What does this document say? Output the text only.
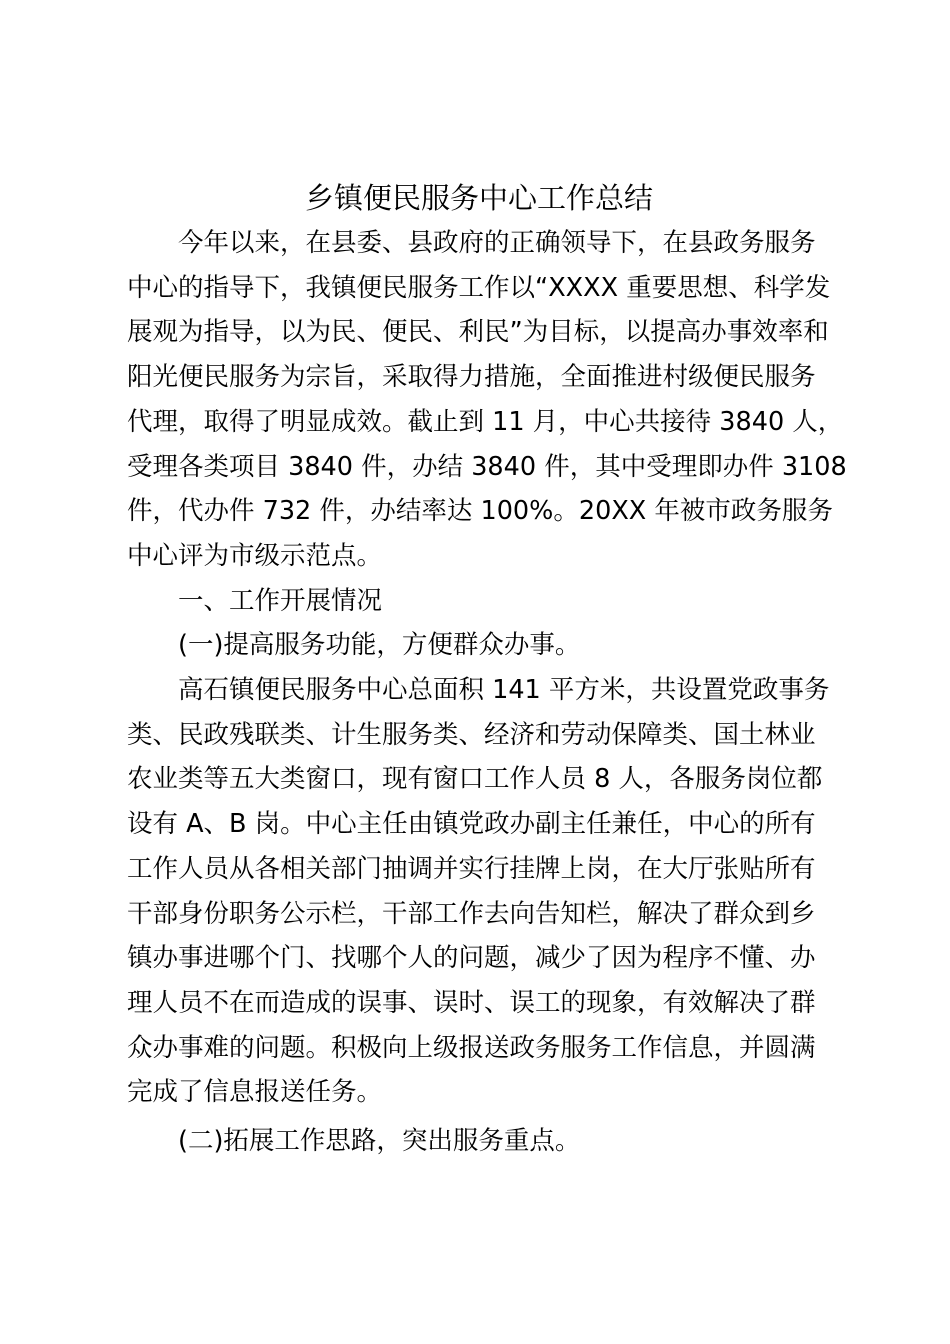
乡镇便民服务中心工作总结

今年以来，在县委、县政府的正确领导下，在县政务服务
中心的指导下，我镇便民服务工作以“XXXX 重要思想、科学发
展观为指导，以为民、便民、利民”为目标，以提高办事效率和
阳光便民服务为宗旨，采取得力措施，全面推进村级便民服务
代理，取得了明显成效。截止到 11 月，中心共接待 3840 人，
受理各类项目 3840 件，办结 3840 件，其中受理即办件 3108
件，代办件 732 件，办结率达 100%。20XX 年被市政务服务
中心评为市级示范点。

一、工作开展情况

(一)提高服务功能，方便群众办事。

高石镇便民服务中心总面积 141 平方米，共设置党政事务
类、民政残联类、计生服务类、经济和劳动保障类、国土林业
农业类等五大类窗口，现有窗口工作人员 8 人，各服务岗位都
设有 A、B 岗。中心主任由镇党政办副主任兼任，中心的所有
工作人员从各相关部门抽调并实行挂牌上岗，在大厅张贴所有
干部身份职务公示栏，干部工作去向告知栏，解决了群众到乡
镇办事进哪个门、找哪个人的问题，减少了因为程序不懂、办
理人员不在而造成的误事、误时、误工的现象，有效解决了群
众办事难的问题。积极向上级报送政务服务工作信息，并圆满
完成了信息报送任务。

(二)拓展工作思路，突出服务重点。
